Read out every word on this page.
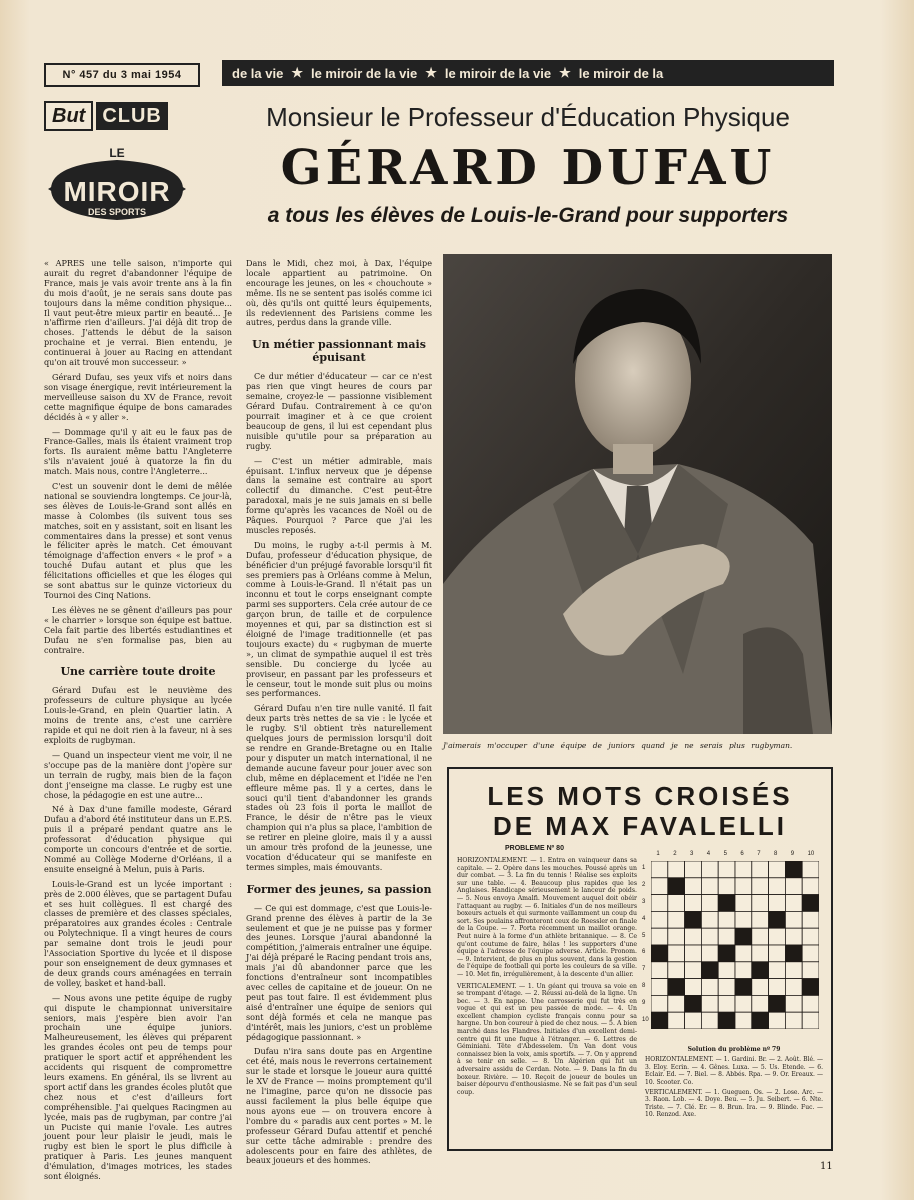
N° 457 du 3 mai 1954	de la vie ★ le miroir de la vie ★ le miroir de la vie ★ le miroir de la
But CLUB
LE
MIROIR
DES SPORTS
Monsieur le Professeur d'Éducation Physique
GÉRARD DUFAU
a tous les élèves de Louis-le-Grand pour supporters

« APRES une telle saison, n'importe qui aurait du regret d'abandonner l'équipe de France, mais je vais avoir trente ans à la fin du mois d'août, je ne serais sans doute pas toujours dans la même condition physique... Il vaut peut-être mieux partir en beauté... Je n'affirme rien d'ailleurs. J'ai déjà dit trop de choses. J'attends le début de la saison prochaine et je verrai. Bien entendu, je continuerai à jouer au Racing en attendant qu'on ait trouvé mon successeur. »

Gérard Dufau, ses yeux vifs et noirs dans son visage énergique, revit intérieurement la merveilleuse saison du XV de France, revoit cette magnifique équipe de bons camarades décidés à « y aller ».

— Dommage qu'il y ait eu le faux pas de France-Galles, mais ils étaient vraiment trop forts. Ils auraient même battu l'Angleterre s'ils n'avaient joué à quatorze la fin du match. Mais nous, contre l'Angleterre...

C'est un souvenir dont le demi de mêlée national se souviendra longtemps. Ce jour-là, ses élèves de Louis-le-Grand sont allés en masse à Colombes (ils suivent tous ses matches, soit en y assistant, soit en lisant les commentaires dans la presse) et sont venus le féliciter après le match. Cet émouvant témoignage d'affection envers « le prof » a touché Dufau autant et plus que les félicitations officielles et que les éloges qui se sont abattus sur le quinze victorieux du Tournoi des Cinq Nations.

Les élèves ne se gênent d'ailleurs pas pour « le charrier » lorsque son équipe est battue. Cela fait partie des libertés estudiantines et Dufau ne s'en formalise pas, bien au contraire.

Une carrière toute droite

Gérard Dufau est le neuvième des professeurs de culture physique au lycée Louis-le-Grand, en plein Quartier latin. A moins de trente ans, c'est une carrière rapide et qui ne doit rien à la faveur, ni à ses exploits de rugbyman.

— Quand un inspecteur vient me voir, il ne s'occupe pas de la manière dont j'opère sur un terrain de rugby, mais bien de la façon dont j'enseigne ma classe. Le rugby est une chose, la pédagogie en est une autre...

Né à Dax d'une famille modeste, Gérard Dufau a d'abord été instituteur dans un E.P.S. puis il a préparé pendant quatre ans le professorat d'éducation physique qui comporte un concours d'entrée et de sortie. Nommé au Collège Moderne d'Orléans, il a ensuite enseigné à Melun, puis à Paris.

Louis-le-Grand est un lycée important : près de 2.000 élèves, que se partagent Dufau et ses huit collègues. Il est chargé des classes de première et des classes spéciales, préparatoires aux grandes écoles : Centrale ou Polytechnique. Il a vingt heures de cours par semaine dont trois le jeudi pour l'Association Sportive du lycée et il dispose pour son enseignement de deux gymnases et de deux grands cours aménagées en terrain de volley, basket et hand-ball.

— Nous avons une petite équipe de rugby qui dispute le championnat universitaire seniors, mais j'espère bien avoir l'an prochain une équipe juniors. Malheureusement, les élèves qui préparent les grandes écoles ont peu de temps pour pratiquer le sport actif et appréhendent les accidents qui risquent de compromettre leurs examens. En général, ils se livrent au sport actif dans les grandes écoles plutôt que chez nous et c'est d'ailleurs fort compréhensible. J'ai quelques Racingmen au lycée, mais pas de rugbyman, par contre j'ai un Puciste qui manie l'ovale. Les autres jouent pour leur plaisir le jeudi, mais le rugby est bien le sport le plus difficile à pratiquer à Paris. Les jeunes manquent d'émulation, d'images motrices, les stades sont éloignés.

Dans le Midi, chez moi, à Dax, l'équipe locale appartient au patrimoine. On encourage les jeunes, on les « chouchoute » même. Ils ne se sentent pas isolés comme ici où, dès qu'ils ont quitté leurs équipements, ils redeviennent des Parisiens comme les autres, perdus dans la grande ville.

Un métier passionnant mais épuisant

Ce dur métier d'éducateur — car ce n'est pas rien que vingt heures de cours par semaine, croyez-le — passionne visiblement Gérard Dufau. Contrairement à ce qu'on pourrait imaginer et à ce que croient beaucoup de gens, il lui est cependant plus nuisible qu'utile pour sa préparation au rugby.

— C'est un métier admirable, mais épuisant. L'influx nerveux que je dépense dans la semaine est contraire au sport collectif du dimanche. C'est peut-être paradoxal, mais je ne suis jamais en si belle forme qu'après les vacances de Noël ou de Pâques. Pourquoi ? Parce que j'ai les muscles reposés.

Du moins, le rugby a-t-il permis à M. Dufau, professeur d'éducation physique, de bénéficier d'un préjugé favorable lorsqu'il fit ses premiers pas à Orléans comme à Melun, comme à Louis-le-Grand. Il n'était pas un inconnu et tout le corps enseignant compte parmi ses supporters. Cela crée autour de ce garçon brun, de taille et de corpulence moyennes et qui, par sa distinction est si éloigné de l'image traditionnelle (et pas toujours exacte) du « rugbyman de muerte », un climat de sympathie auquel il est très sensible. Du concierge du lycée au proviseur, en passant par les professeurs et le censeur, tout le monde suit plus ou moins ses performances.

Gérard Dufau n'en tire nulle vanité. Il fait deux parts très nettes de sa vie : le lycée et le rugby. S'il obtient très naturellement quelques jours de permission lorsqu'il doit se rendre en Grande-Bretagne ou en Italie pour y disputer un match international, il ne demande aucune faveur pour jouer avec son club, même en déplacement et l'idée ne l'en effleure même pas. Il y a certes, dans le souci qu'il tient d'abandonner les grands stades où 23 fois il porta le maillot de France, le désir de n'être pas le vieux champion qui n'a plus sa place, l'ambition de se retirer en pleine gloire, mais il y a aussi un amour très profond de la jeunesse, une vocation d'éducateur qui se manifeste en termes simples, mais émouvants.

Former des jeunes, sa passion

— Ce qui est dommage, c'est que Louis-le-Grand prenne des élèves à partir de la 3e seulement et que je ne puisse pas y former des jeunes. Lorsque j'aurai abandonné la compétition, j'aimerais entraîner une équipe. J'ai déjà préparé le Racing pendant trois ans, mais j'ai dû abandonner parce que les fonctions d'entraîneur sont incompatibles avec celles de capitaine et de joueur. On ne peut pas tout faire. Il est évidemment plus aisé d'entraîner une équipe de seniors qui sont déjà formés et cela ne manque pas d'intérêt, mais les juniors, c'est un problème pédagogique passionnant. »

Dufau n'ira sans doute pas en Argentine cet été, mais nous le reverrons certainement sur le stade et lorsque le joueur aura quitté le XV de France — moins promptement qu'il ne l'imagine, parce qu'on ne dissocie pas aussi facilement la plus belle équipe que nous ayons eue — on trouvera encore à l'ombre du « paradis aux cent portes » M. le professeur Gérard Dufau attentif et penché sur cette tâche admirable : prendre des adolescents pour en faire des athlètes, de beaux joueurs et des hommes.

J'aimerais m'occuper d'une équipe de juniors quand je ne serais plus rugbyman.
LES MOTS CROISÉS
DE MAX FAVALELLI
PROBLEME Nº 80

HORIZONTALEMENT. — 1. Entra en vainqueur dans sa capitale. — 2. Opère dans les mouches. Poussé après un dur combat. — 3. La fin du tennis ! Réalise ses exploits sur une table. — 4. Beaucoup plus rapides que les Anglaises. Handicape sérieusement le lanceur de poids. — 5. Nous envoya Amalfi. Mouvement auquel doit obéir l'attaquant au rugby. — 6. Initiales d'un de nos meilleurs boxeurs actuels et qui surmonte vaillamment un coup du sort. Ses poulains affronteront ceux de Roessler en finale de la Coupe. — 7. Porta récemment un maillot orange. Peut nuire à la forme d'un athlète britannique. — 8. Ce qu'ont coutume de faire, hélas ! les supporters d'une équipe à l'adresse de l'équipe adverse. Article. Pronom. — 9. Intervient, de plus en plus souvent, dans la gestion de l'équipe de football qui porte les couleurs de sa ville. — 10. Met fin, irrégulièrement, à la descente d'un allier.

VERTICALEMENT. — 1. Un géant qui trouva sa voie en se trompant d'étage. — 2. Réussi au-delà de la ligne. Un bec. — 3. En nappe. Une carrosserie qui fut très en vogue et qui est un peu passée de mode. — 4. Un excellent champion cycliste français connu pour sa hargne. Un bon coureur à pied de chez nous. — 5. A bien marché dans les Flandres. Initiales d'un excellent demi-centre qui fit une fugue à l'étranger. — 6. Lettres de Géminiani. Tête d'Abdesselem. Un Van dont vous connaissez bien la voix, amis sportifs. — 7. On y apprend à se tenir en selle. — 8. Un Algérien qui fut un adversaire assidu de Cerdan. Note. — 9. Dans la fin du boxeur. Rivière. — 10. Reçoit de joueur de boules un baiser dépourvu d'enthousiasme. Ne se fait pas d'un seul coup.

1 2 3 4 5 6 7 8 9 10
1
2
3
4
5
6
7
8
9
10

Solution du problème nº 79

HORIZONTALEMENT. — 1. Gardini. Br. — 2. Août. Blé. — 3. Eloy. Ecrin. — 4. Gênes. Luxa. — 5. Us. Etende. — 6. Eclair. Ed. — 7. Biel. — 8. Abbés. Rpa. — 9. Or. Ereaux. — 10. Scooter. Co.

VERTICALEMENT. — 1. Gueguen. Os. — 2. Lose. Arc. — 3. Raon. Lob. — 4. Doye. Beu. — 5. Ju. Seibert. — 6. Nte. Triste. — 7. Clé. Er. — 8. Brun. Ira. — 9. Blinde. Fuc. — 10. Renzod. Axe.

11
